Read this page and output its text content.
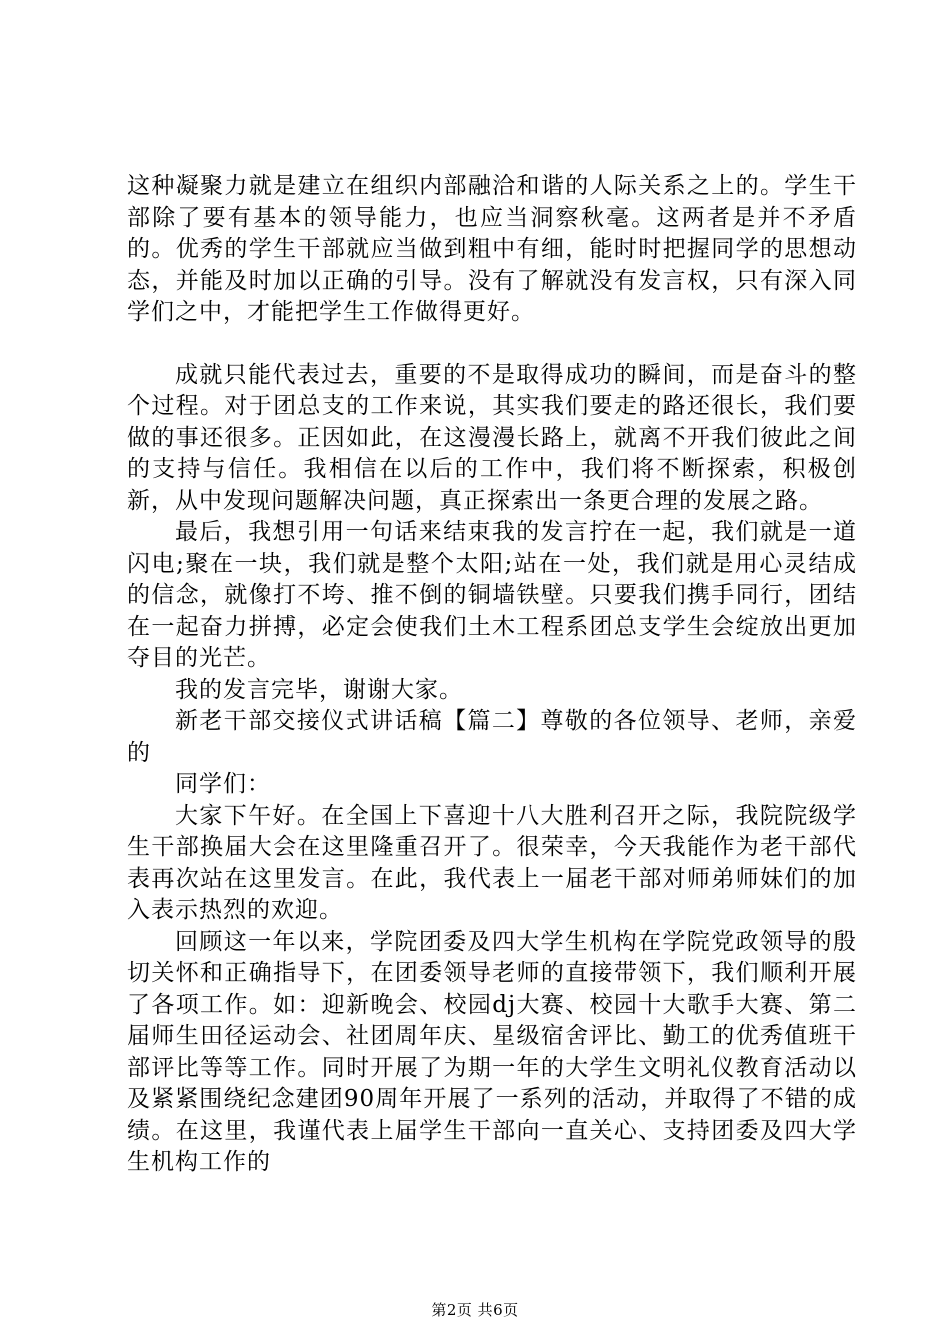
这种凝聚力就是建立在组织内部融洽和谐的人际关系之上的。学生干部除了要有基本的领导能力，也应当洞察秋毫。这两者是并不矛盾的。优秀的学生干部就应当做到粗中有细，能时时把握同学的思想动态，并能及时加以正确的引导。没有了解就没有发言权，只有深入同学们之中，才能把学生工作做得更好。

成就只能代表过去，重要的不是取得成功的瞬间，而是奋斗的整个过程。对于团总支的工作来说，其实我们要走的路还很长，我们要做的事还很多。正因如此，在这漫漫长路上，就离不开我们彼此之间的支持与信任。我相信在以后的工作中，我们将不断探索，积极创新，从中发现问题解决问题，真正探索出一条更合理的发展之路。

最后，我想引用一句话来结束我的发言拧在一起，我们就是一道闪电;聚在一块，我们就是整个太阳;站在一处，我们就是用心灵结成的信念，就像打不垮、推不倒的铜墙铁壁。只要我们携手同行，团结在一起奋力拼搏，必定会使我们土木工程系团总支学生会绽放出更加夺目的光芒。

我的发言完毕，谢谢大家。

新老干部交接仪式讲话稿【篇二】尊敬的各位领导、老师，亲爱的

同学们：

大家下午好。在全国上下喜迎十八大胜利召开之际，我院院级学生干部换届大会在这里隆重召开了。很荣幸，今天我能作为老干部代表再次站在这里发言。在此，我代表上一届老干部对师弟师妹们的加入表示热烈的欢迎。

回顾这一年以来，学院团委及四大学生机构在学院党政领导的殷切关怀和正确指导下，在团委领导老师的直接带领下，我们顺利开展了各项工作。如：迎新晚会、校园dj大赛、校园十大歌手大赛、第二届师生田径运动会、社团周年庆、星级宿舍评比、勤工的优秀值班干部评比等等工作。同时开展了为期一年的大学生文明礼仪教育活动以及紧紧围绕纪念建团90周年开展了一系列的活动，并取得了不错的成绩。在这里，我谨代表上届学生干部向一直关心、支持团委及四大学生机构工作的

第2页 共6页
